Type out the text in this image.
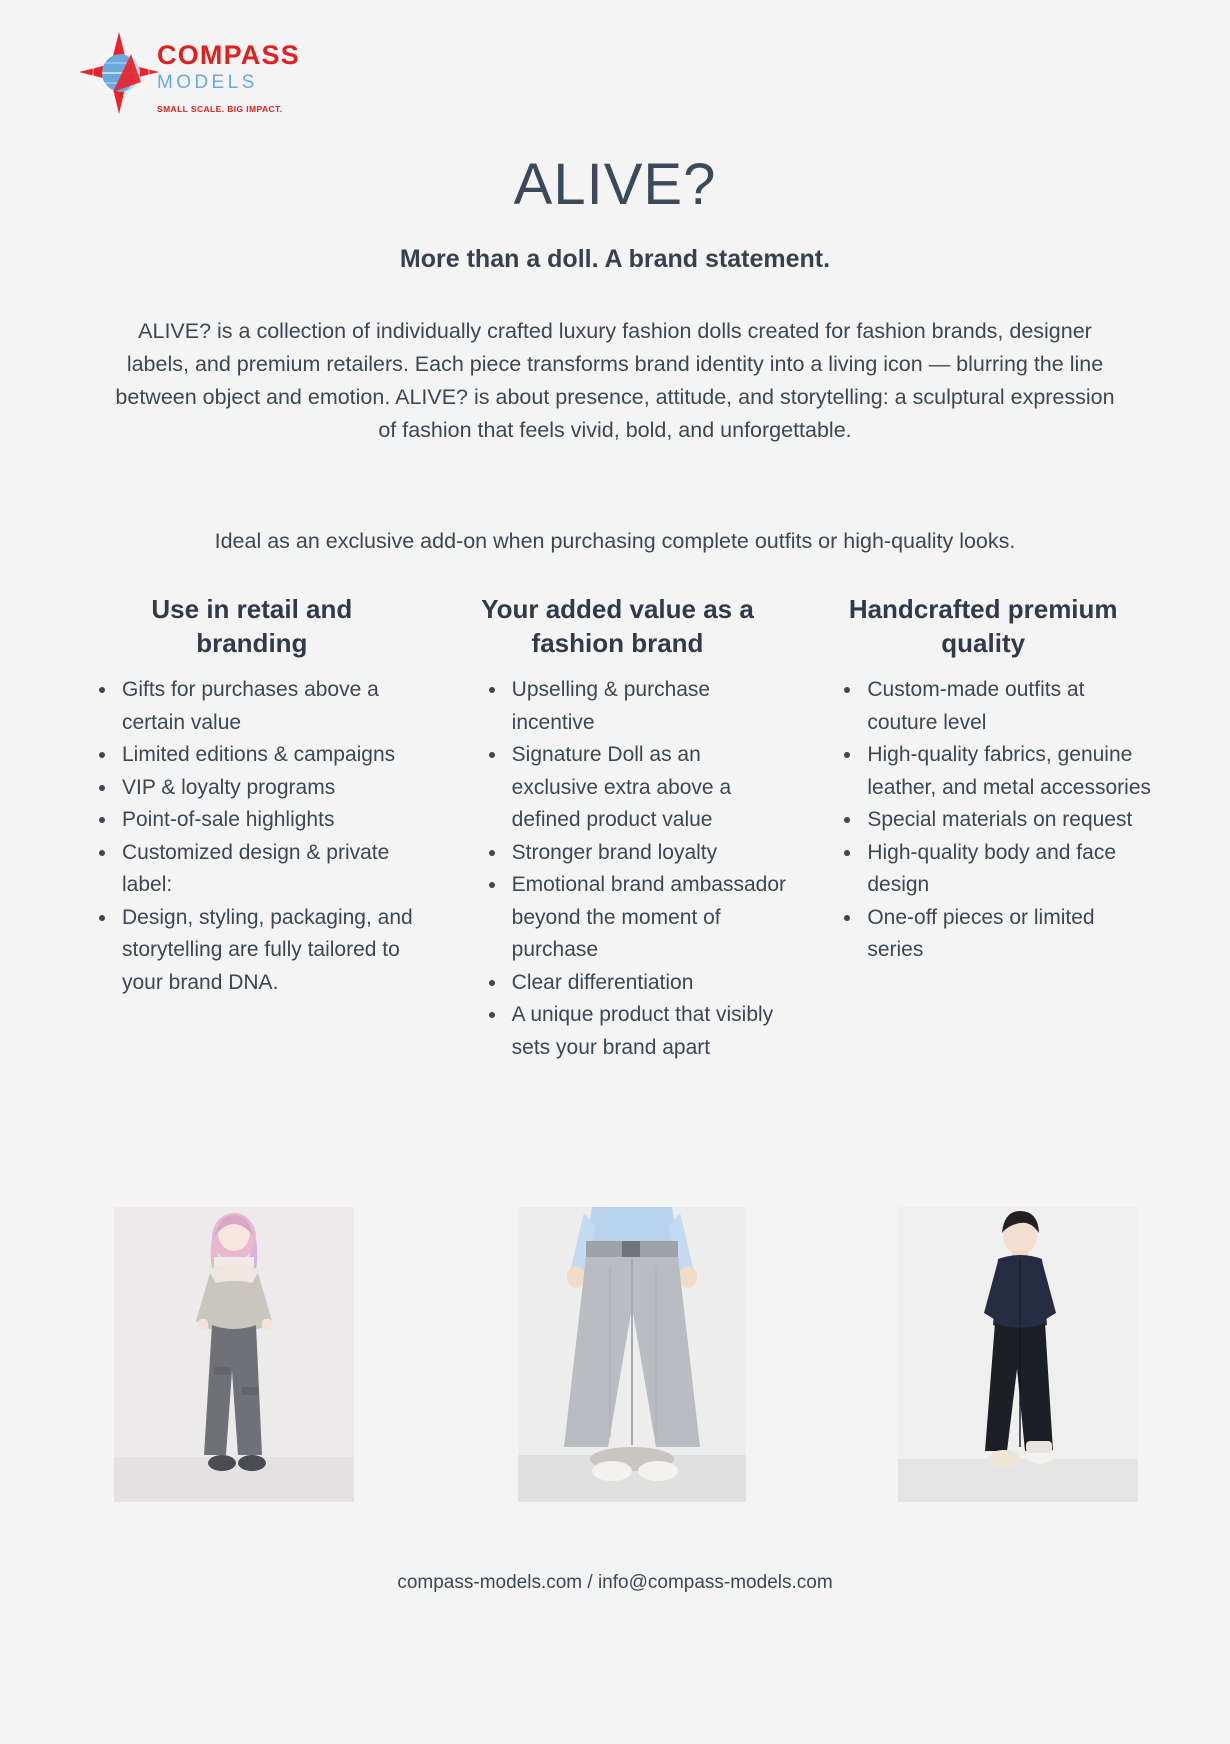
COMPASS
MODELS
SMALL SCALE. BIG IMPACT.
ALIVE?
More than a doll. A brand statement.
ALIVE? is a collection of individually crafted luxury fashion dolls created for fashion brands, designer labels, and premium retailers. Each piece transforms brand identity into a living icon — blurring the line between object and emotion. ALIVE? is about presence, attitude, and storytelling: a sculptural expression of fashion that feels vivid, bold, and unforgettable.
Ideal as an exclusive add-on when purchasing complete outfits or high-quality looks.
Use in retail and branding
• Gifts for purchases above a certain value
• Limited editions & campaigns
• VIP & loyalty programs
• Point-of-sale highlights
• Customized design & private label:
• Design, styling, packaging, and storytelling are fully tailored to your brand DNA.
Your added value as a fashion brand
• Upselling & purchase incentive
• Signature Doll as an exclusive extra above a defined product value
• Stronger brand loyalty
• Emotional brand ambassador beyond the moment of purchase
• Clear differentiation
• A unique product that visibly sets your brand apart
Handcrafted premium quality
• Custom-made outfits at couture level
• High-quality fabrics, genuine leather, and metal accessories
• Special materials on request
• High-quality body and face design
• One-off pieces or limited series
compass-models.com / info@compass-models.com
